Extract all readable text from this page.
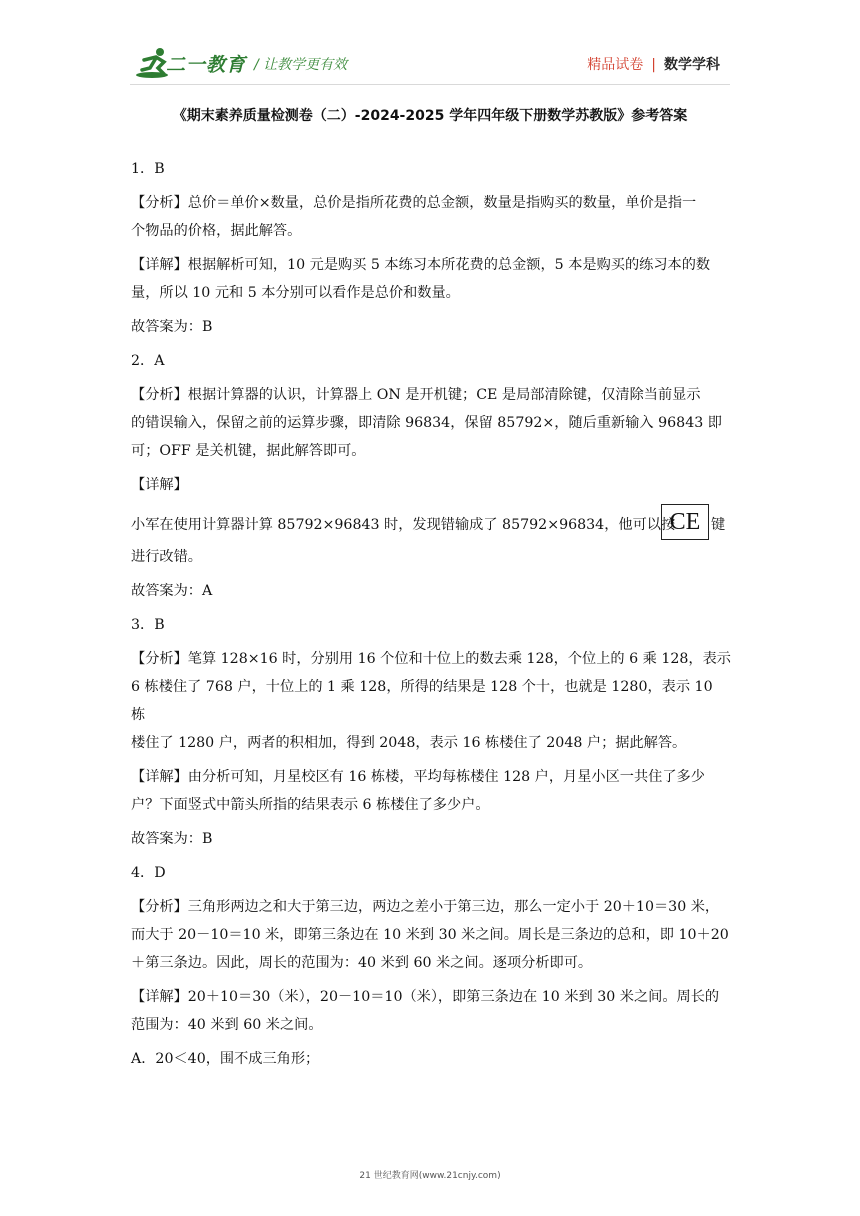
二一教育 / 让教学更有效	精品试卷 | 数学学科
《期末素养质量检测卷（二）-2024-2025 学年四年级下册数学苏教版》参考答案

1．B

【分析】总价＝单价×数量，总价是指所花费的总金额，数量是指购买的数量，单价是指一

个物品的价格，据此解答。

【详解】根据解析可知，10 元是购买 5 本练习本所花费的总金额，5 本是购买的练习本的数

量，所以 10 元和 5 本分别可以看作是总价和数量。

故答案为：B

2．A

【分析】根据计算器的认识，计算器上 ON 是开机键；CE 是局部清除键，仅清除当前显示

的错误输入，保留之前的运算步骤，即清除 96834，保留 85792×，随后重新输入 96843 即

可；OFF 是关机键，据此解答即可。

【详解】

小军在使用计算器计算 85792×96843 时，发现错输成了 85792×96834，他可以按
CE 键

进行改错。

故答案为：A

3．B

【分析】笔算 128×16 时，分别用 16 个位和十位上的数去乘 128，个位上的 6 乘 128，表示

6 栋楼住了 768 户，十位上的 1 乘 128，所得的结果是 128 个十，也就是 1280，表示 10 栋

楼住了 1280 户，两者的积相加，得到 2048，表示 16 栋楼住了 2048 户；据此解答。

【详解】由分析可知，月星校区有 16 栋楼，平均每栋楼住 128 户，月星小区一共住了多少

户？下面竖式中箭头所指的结果表示 6 栋楼住了多少户。

故答案为：B

4．D

【分析】三角形两边之和大于第三边，两边之差小于第三边，那么一定小于 20＋10＝30 米，

而大于 20－10＝10 米，即第三条边在 10 米到 30 米之间。周长是三条边的总和，即 10＋20

＋第三条边。因此，周长的范围为：40 米到 60 米之间。逐项分析即可。

【详解】20＋10＝30（米），20－10＝10（米），即第三条边在 10 米到 30 米之间。周长的

范围为：40 米到 60 米之间。

A．20＜40，围不成三角形；

21 世纪教育网(www.21cnjy.com)
